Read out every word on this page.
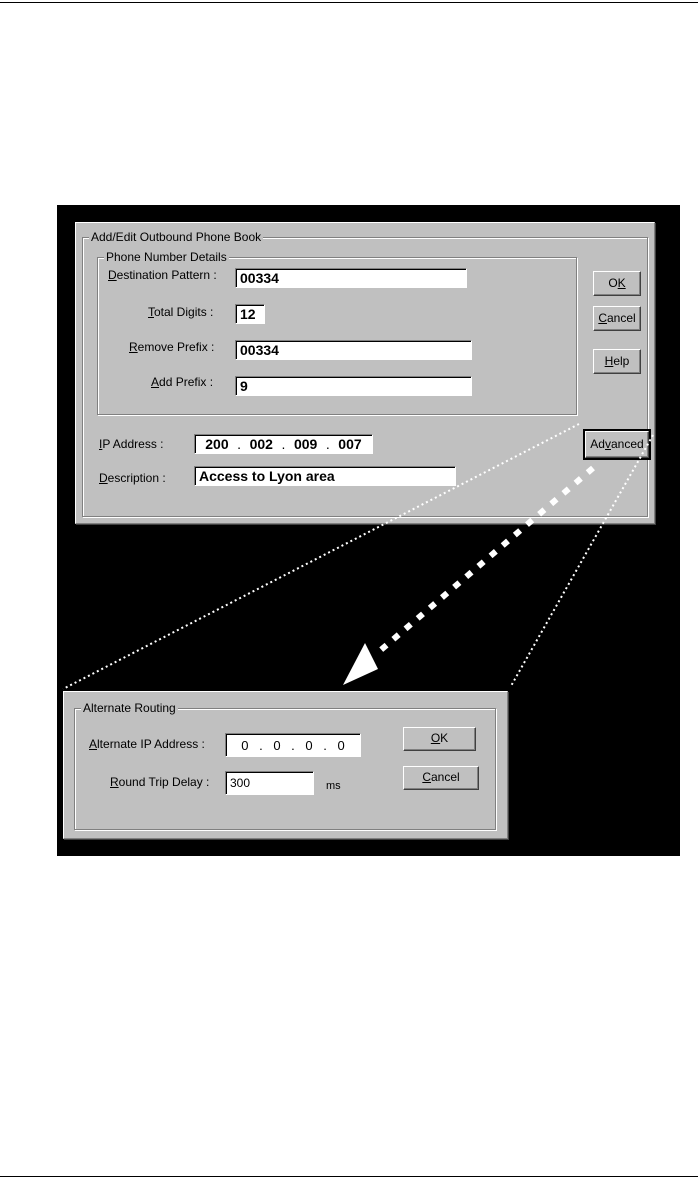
Add/Edit Outbound Phone Book
Phone Number Details
Destination Pattern :	00334
Total Digits :	12
Remove Prefix :	00334
Add Prefix :	9
IP Address :	200 . 002 . 009 . 007
Description :	Access to Lyon area
OK
Cancel
Help
Advanced
Alternate Routing
Alternate IP Address :	0 . 0 . 0 . 0
Round Trip Delay :	300	ms
OK
Cancel
